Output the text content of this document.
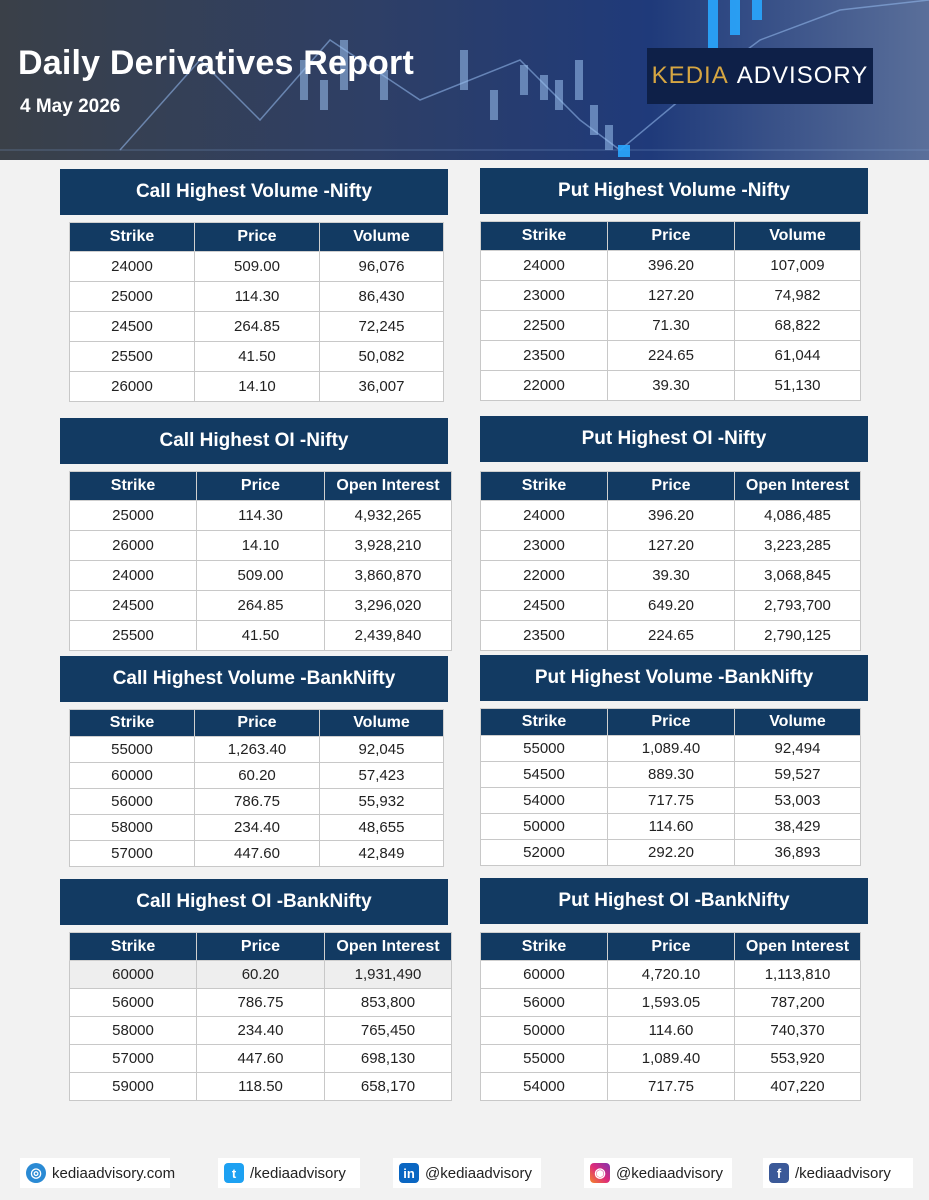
Daily Derivatives Report
4 May 2026
KEDIA ADVISORY
Call Highest Volume -Nifty
Strike	Price	Volume
24000	509.00	96,076
25000	114.30	86,430
24500	264.85	72,245
25500	41.50	50,082
26000	14.10	36,007
Put Highest Volume -Nifty
Strike	Price	Volume
24000	396.20	107,009
23000	127.20	74,982
22500	71.30	68,822
23500	224.65	61,044
22000	39.30	51,130
Call Highest OI -Nifty
Strike	Price	Open Interest
25000	114.30	4,932,265
26000	14.10	3,928,210
24000	509.00	3,860,870
24500	264.85	3,296,020
25500	41.50	2,439,840
Put Highest OI -Nifty
Strike	Price	Open Interest
24000	396.20	4,086,485
23000	127.20	3,223,285
22000	39.30	3,068,845
24500	649.20	2,793,700
23500	224.65	2,790,125
Call Highest Volume -BankNifty
Strike	Price	Volume
55000	1,263.40	92,045
60000	60.20	57,423
56000	786.75	55,932
58000	234.40	48,655
57000	447.60	42,849
Put Highest Volume -BankNifty
Strike	Price	Volume
55000	1,089.40	92,494
54500	889.30	59,527
54000	717.75	53,003
50000	114.60	38,429
52000	292.20	36,893
Call Highest OI -BankNifty
Strike	Price	Open Interest
60000	60.20	1,931,490
56000	786.75	853,800
58000	234.40	765,450
57000	447.60	698,130
59000	118.50	658,170
Put Highest OI -BankNifty
Strike	Price	Open Interest
60000	4,720.10	1,113,810
56000	1,593.05	787,200
50000	114.60	740,370
55000	1,089.40	553,920
54000	717.75	407,220
◎ kediaadvisory.com	t /kediaadvisory	in @kediaadvisory	◉ @kediaadvisory	f /kediaadvisory
